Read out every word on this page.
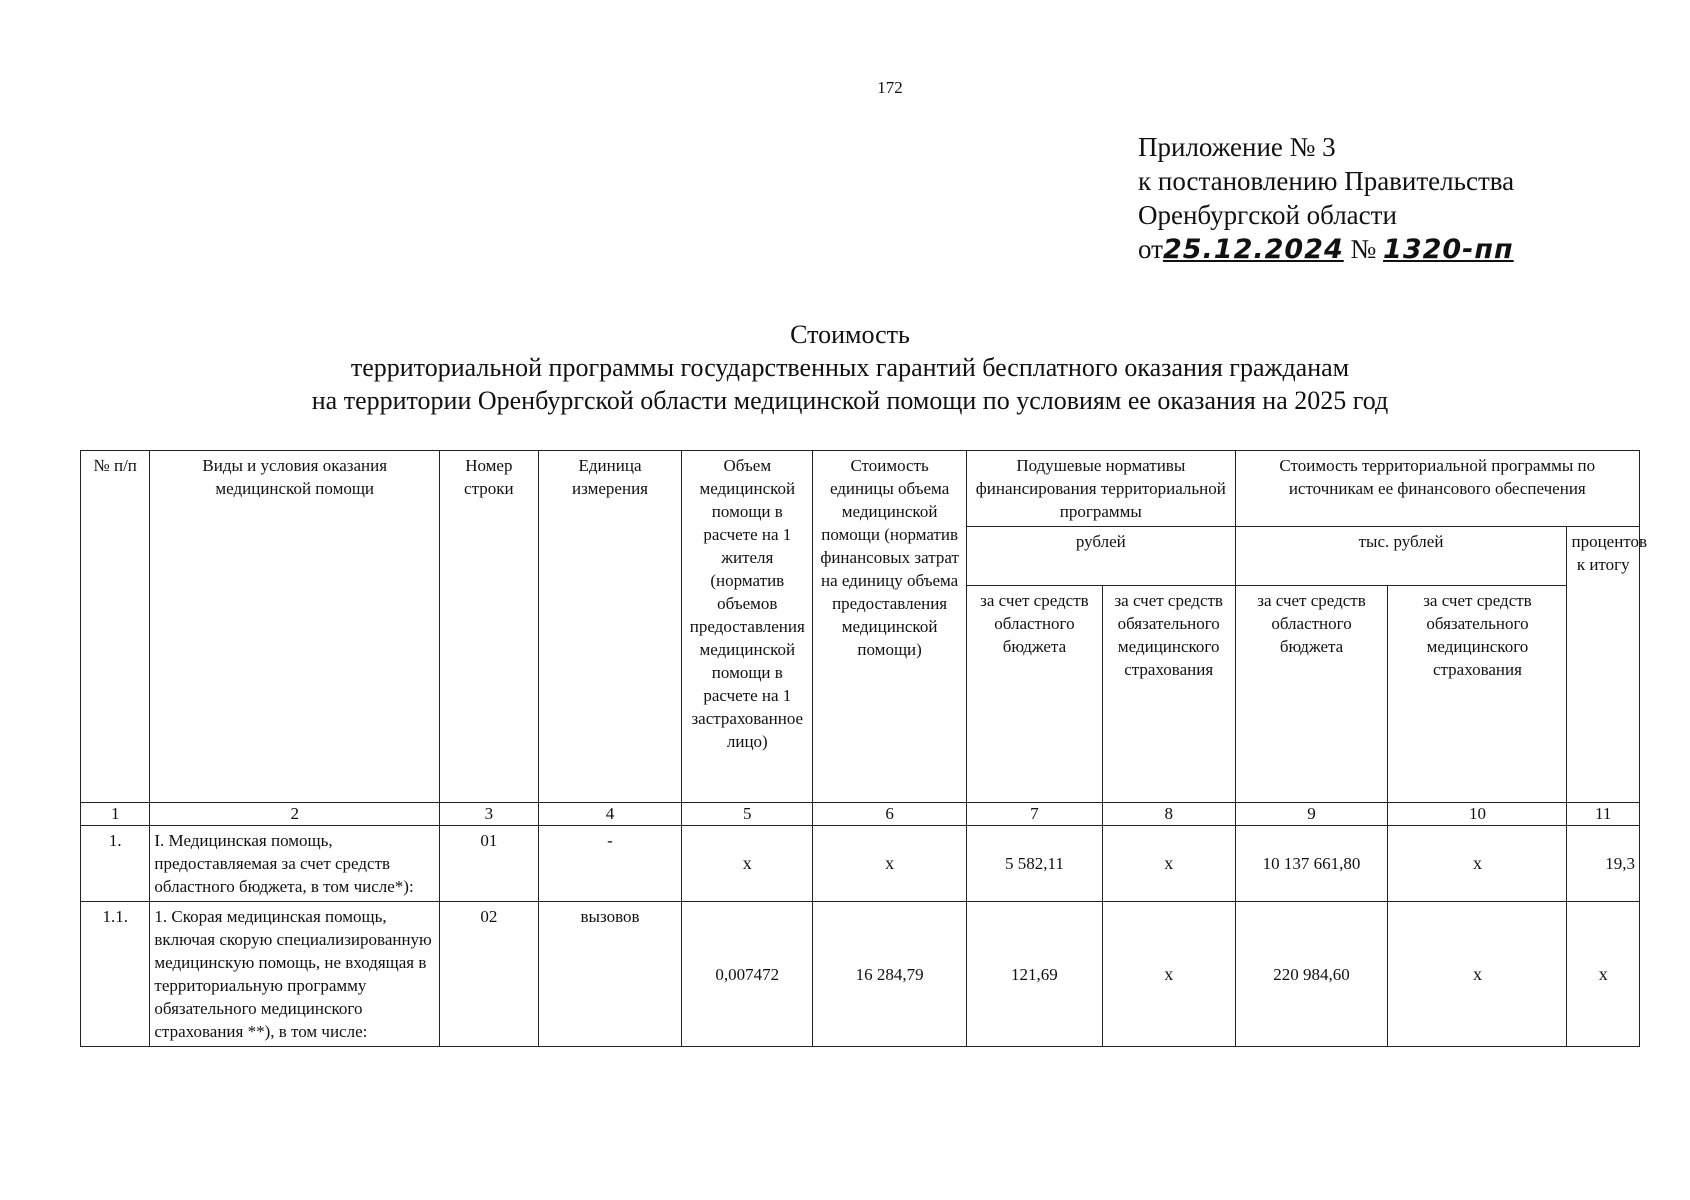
172
Приложение № 3
к постановлению Правительства
Оренбургской области
от25.12.2024 № 1320-пп
Стоимость
территориальной программы государственных гарантий бесплатного оказания гражданам
на территории Оренбургской области медицинской помощи по условиям ее оказания на 2025 год
№ п/п	Виды и условия оказания медицинской помощи	Номер строки	Единица измерения	Объем медицинской помощи в расчете на 1 жителя (норматив объемов предоставления медицинской помощи в расчете на 1 застрахованное лицо)	Стоимость единицы объема медицинской помощи (норматив финансовых затрат на единицу объема предоставления медицинской помощи)	Подушевые нормативы финансирования территориальной программы		Стоимость территориальной программы по источникам ее финансового обеспечения		
						рублей		тыс. рублей		процентов к итогу
						за счет средств областного бюджета	за счет средств обязательного медицинского страхования	за счет средств областного бюджета	за счет средств обязательного медицинского страхования	
1	2	3	4	5	6	7	8	9	10	11
1.	I. Медицинская помощь, предоставляемая за счет средств областного бюджета, в том числе*):	01	-	x	x	5 582,11	x	10 137 661,80	x	19,3
1.1.	1. Скорая медицинская помощь, включая скорую специализированную медицинскую помощь, не входящая в территориальную программу обязательного медицинского страхования **), в том числе:	02	вызовов	0,007472	16 284,79	121,69	x	220 984,60	x	x
